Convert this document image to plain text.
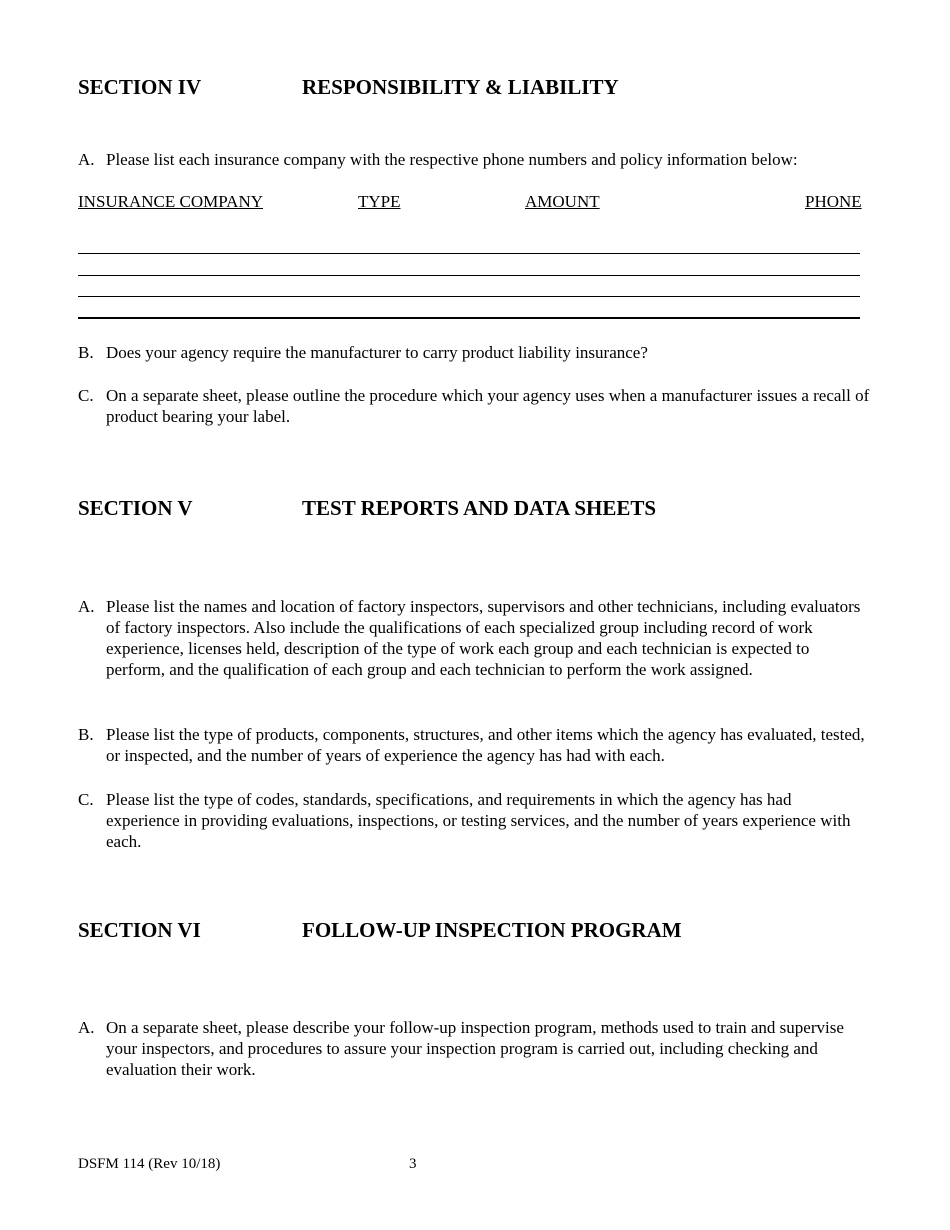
SECTION IV	RESPONSIBILITY & LIABILITY
A. Please list each insurance company with the respective phone numbers and policy information below:
INSURANCE COMPANY	TYPE	AMOUNT	PHONE
B. Does your agency require the manufacturer to carry product liability insurance?
C. On a separate sheet, please outline the procedure which your agency uses when a manufacturer issues a recall of product bearing your label.
SECTION V	TEST REPORTS AND DATA SHEETS
A. Please list the names and location of factory inspectors, supervisors and other technicians, including evaluators of factory inspectors. Also include the qualifications of each specialized group including record of work experience, licenses held, description of the type of work each group and each technician is expected to perform, and the qualification of each group and each technician to perform the work assigned.
B. Please list the type of products, components, structures, and other items which the agency has evaluated, tested, or inspected, and the number of years of experience the agency has had with each.
C. Please list the type of codes, standards, specifications, and requirements in which the agency has had experience in providing evaluations, inspections, or testing services, and the number of years experience with each.
SECTION VI	FOLLOW-UP INSPECTION PROGRAM
A. On a separate sheet, please describe your follow-up inspection program, methods used to train and supervise your inspectors, and procedures to assure your inspection program is carried out, including checking and evaluation their work.
DSFM 114 (Rev 10/18)	3
